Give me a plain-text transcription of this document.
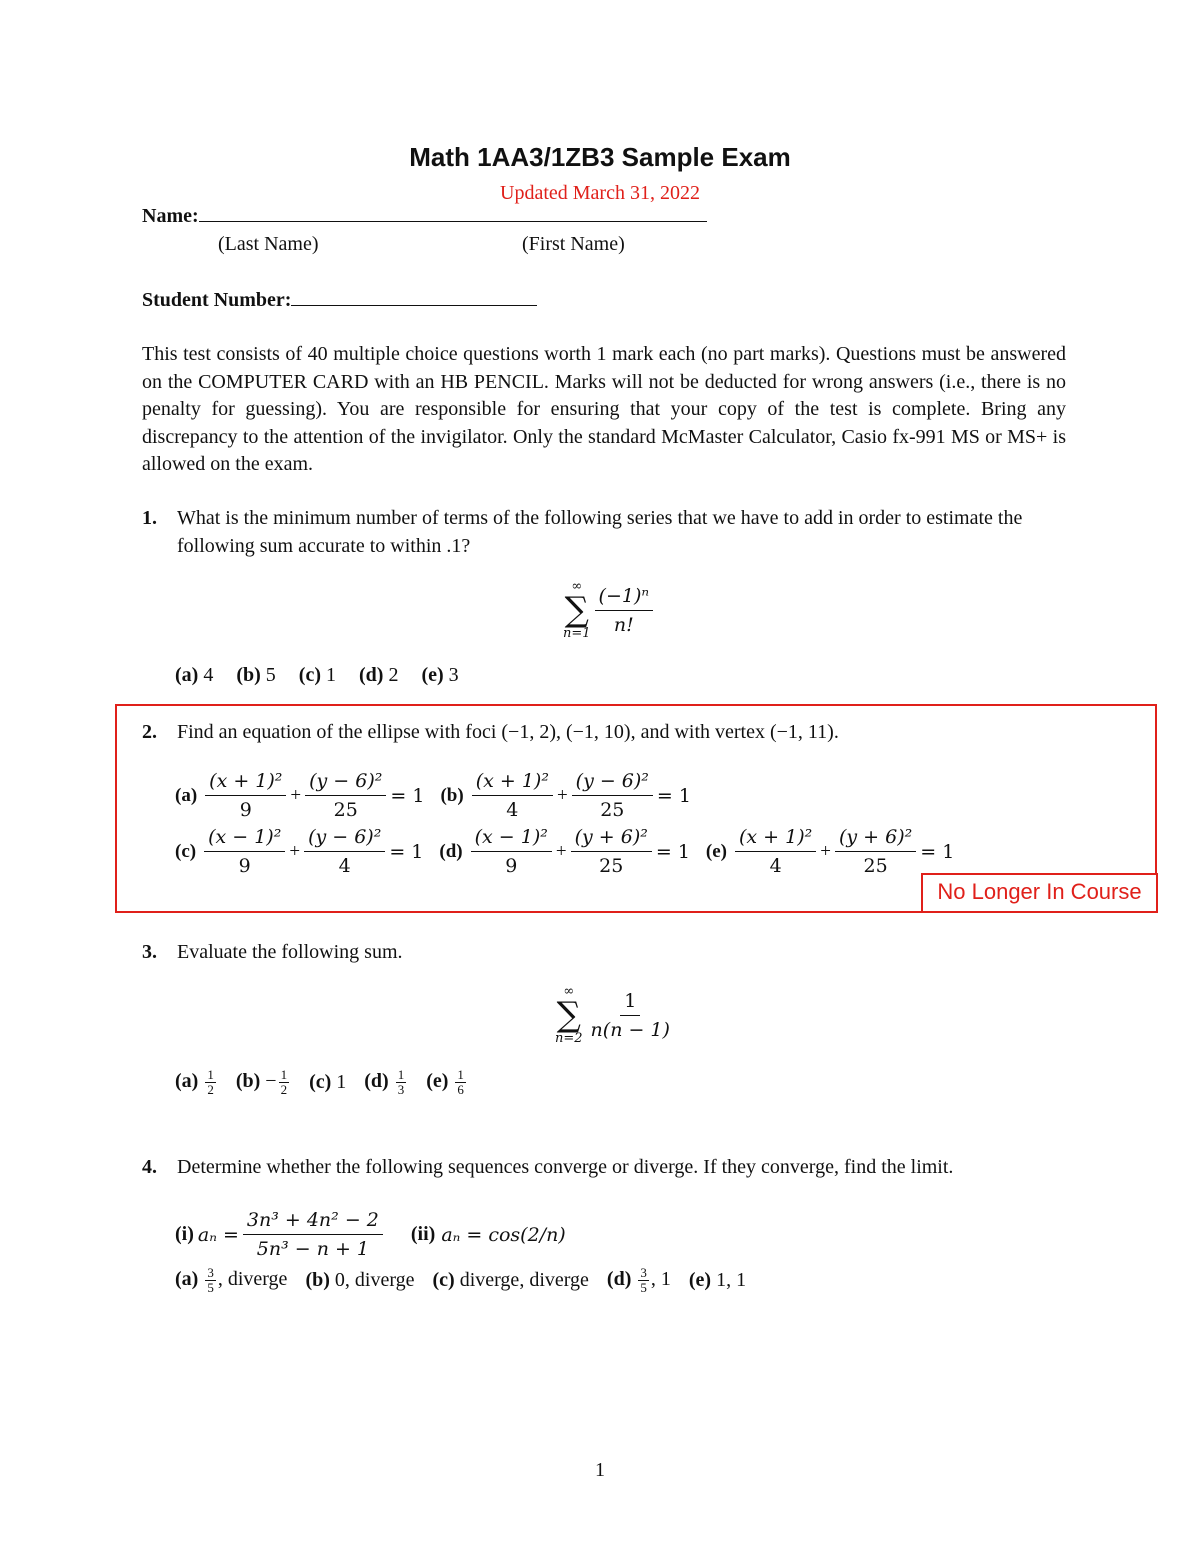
Math 1AA3/1ZB3 Sample Exam
Updated March 31, 2022
Name:
(Last Name)	(First Name)
Student Number:
This test consists of 40 multiple choice questions worth 1 mark each (no part marks). Questions must be answered on the COMPUTER CARD with an HB PENCIL. Marks will not be deducted for wrong answers (i.e., there is no penalty for guessing). You are responsible for ensuring that your copy of the test is complete. Bring any discrepancy to the attention of the invigilator. Only the standard McMaster Calculator, Casio fx-991 MS or MS+ is allowed on the exam.
1. What is the minimum number of terms of the following series that we have to add in order to estimate the following sum accurate to within .1?
∞
∑
$n=1 \frac{\text{(−1)ⁿ}}{n!}$
(a) 4 (b) 5 (c) 1 (d) 2 (e) 3
2. Find an equation of the ellipse with foci (−1, 2), (−1, 10), and with vertex (−1, 11).
$(a) \frac{\text{(x + 1)²}}{9} + \frac{\text{(y − 6)²}}{25} = 1$ $(b) \frac{\text{(x + 1)²}}{4} + \frac{\text{(y − 6)²}}{25} = 1$
$(c) \frac{\text{(x − 1)²}}{9} + \frac{\text{(y − 6)²}}{4} = 1$ $(d) \frac{\text{(x − 1)²}}{9} + \frac{\text{(y + 6)²}}{25} = 1$ $(e) \frac{\text{(x + 1)²}}{4} + \frac{\text{(y + 6)²}}{25} = 1$
No Longer In Course
3. Evaluate the following sum.
∞
∑
$n=2 \frac{1}{n(n - 1)}$
$(a) \frac{1}{2} (b) - \frac{1}{2} (c)$ 1 $(d) \frac{1}{3} (e) \frac{1}{6}$
4. Determine whether the following sequences converge or diverge. If they converge, find the limit.
(i) $a_n = \frac{\text{3n³ + 4n² − 2}}{\text{5n³ − n + 1}} (ii) a_n = \cos(2/n)$
$(a) \frac{3}{5}$ , diverge (b) 0, diverge (c) diverge, diverge $(d) \frac{3}{5}$ , 1 (e) 1, 1
1
